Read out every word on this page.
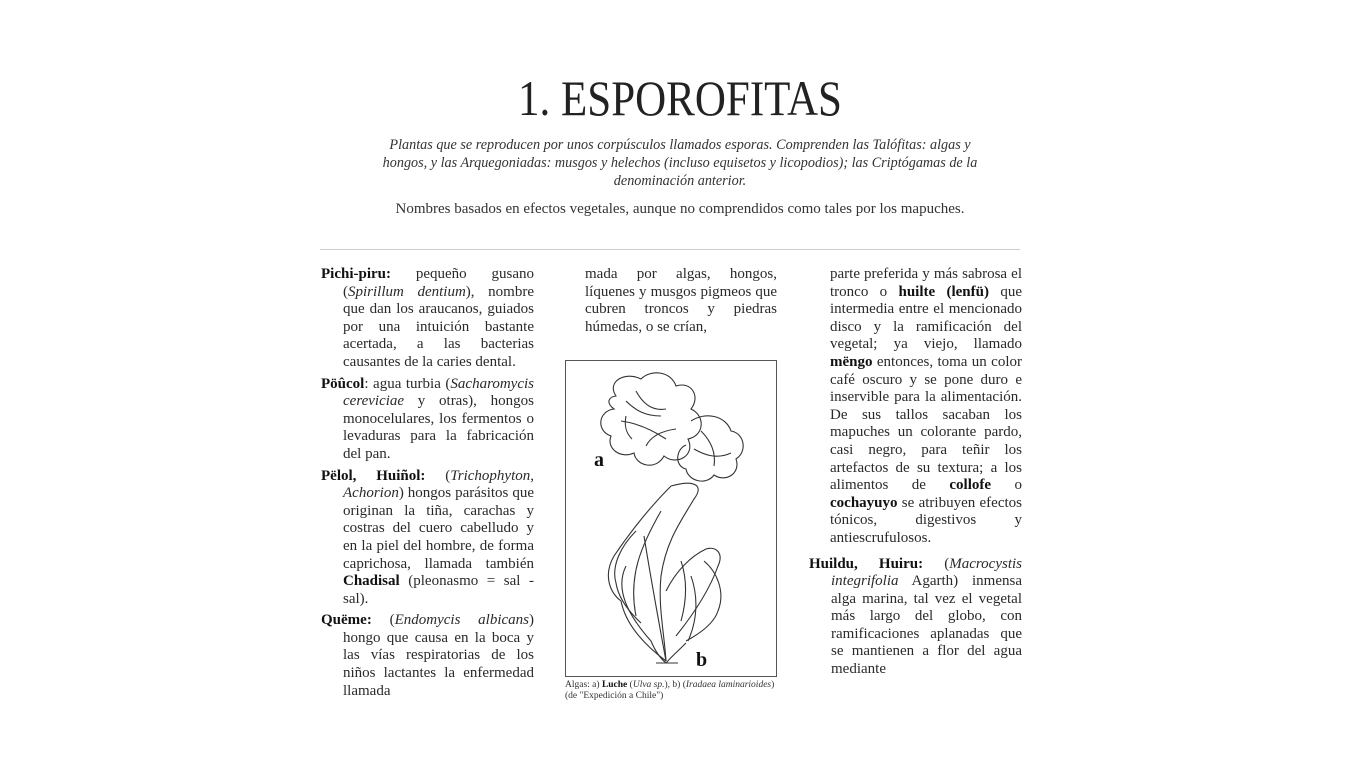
1. ESPOROFITAS
Plantas que se reproducen por unos corpúsculos llamados esporas. Comprenden las Talófitas: algas y hongos, y las Arquegoniadas: musgos y helechos (incluso equisetos y licopodios); las Criptógamas de la denominación anterior.
Nombres basados en efectos vegetales, aunque no comprendidos como tales por los mapuches.

Pichi-piru: pequeño gusano (Spirillum dentium), nombre que dan los araucanos, guiados por una intuición bastante acertada, a las bacterias causantes de la caries dental.

Pöûcol: agua turbia (Sacharomycis cereviciae y otras), hongos monocelulares, los fermentos o levaduras para la fabricación del pan.

Pëlol, Huiñol: (Trichophyton, Achorion) hongos parásitos que originan la tiña, carachas y costras del cuero cabelludo y en la piel del hombre, de forma caprichosa, llamada también Chadisal (pleonasmo = sal - sal).

Quëme: (Endomycis albicans) hongo que causa en la boca y las vías respiratorias de los niños lactantes la enfermedad llamada

mada por algas, hongos, líquenes y musgos pigmeos que cubren troncos y piedras húmedas, o se crían,

a
b
Algas: a) Luche (Ulva sp.), b) (Iradaea laminarioides) (de "Expedición a Chile")

parte preferida y más sabrosa el tronco o huilte (lenfü) que intermedia entre el mencionado disco y la ramificación del vegetal; ya viejo, llamado mëngo entonces, toma un color café oscuro y se pone duro e inservible para la alimentación. De sus tallos sacaban los mapuches un colorante pardo, casi negro, para teñir los artefactos de su textura; a los alimentos de collofe o cochayuyo se atribuyen efectos tónicos, digestivos y antiescrufulosos.

Huildu, Huiru: (Macrocystis integrifolia Agarth) inmensa alga marina, tal vez el vegetal más largo del globo, con ramificaciones aplanadas que se mantienen a flor del agua mediante
